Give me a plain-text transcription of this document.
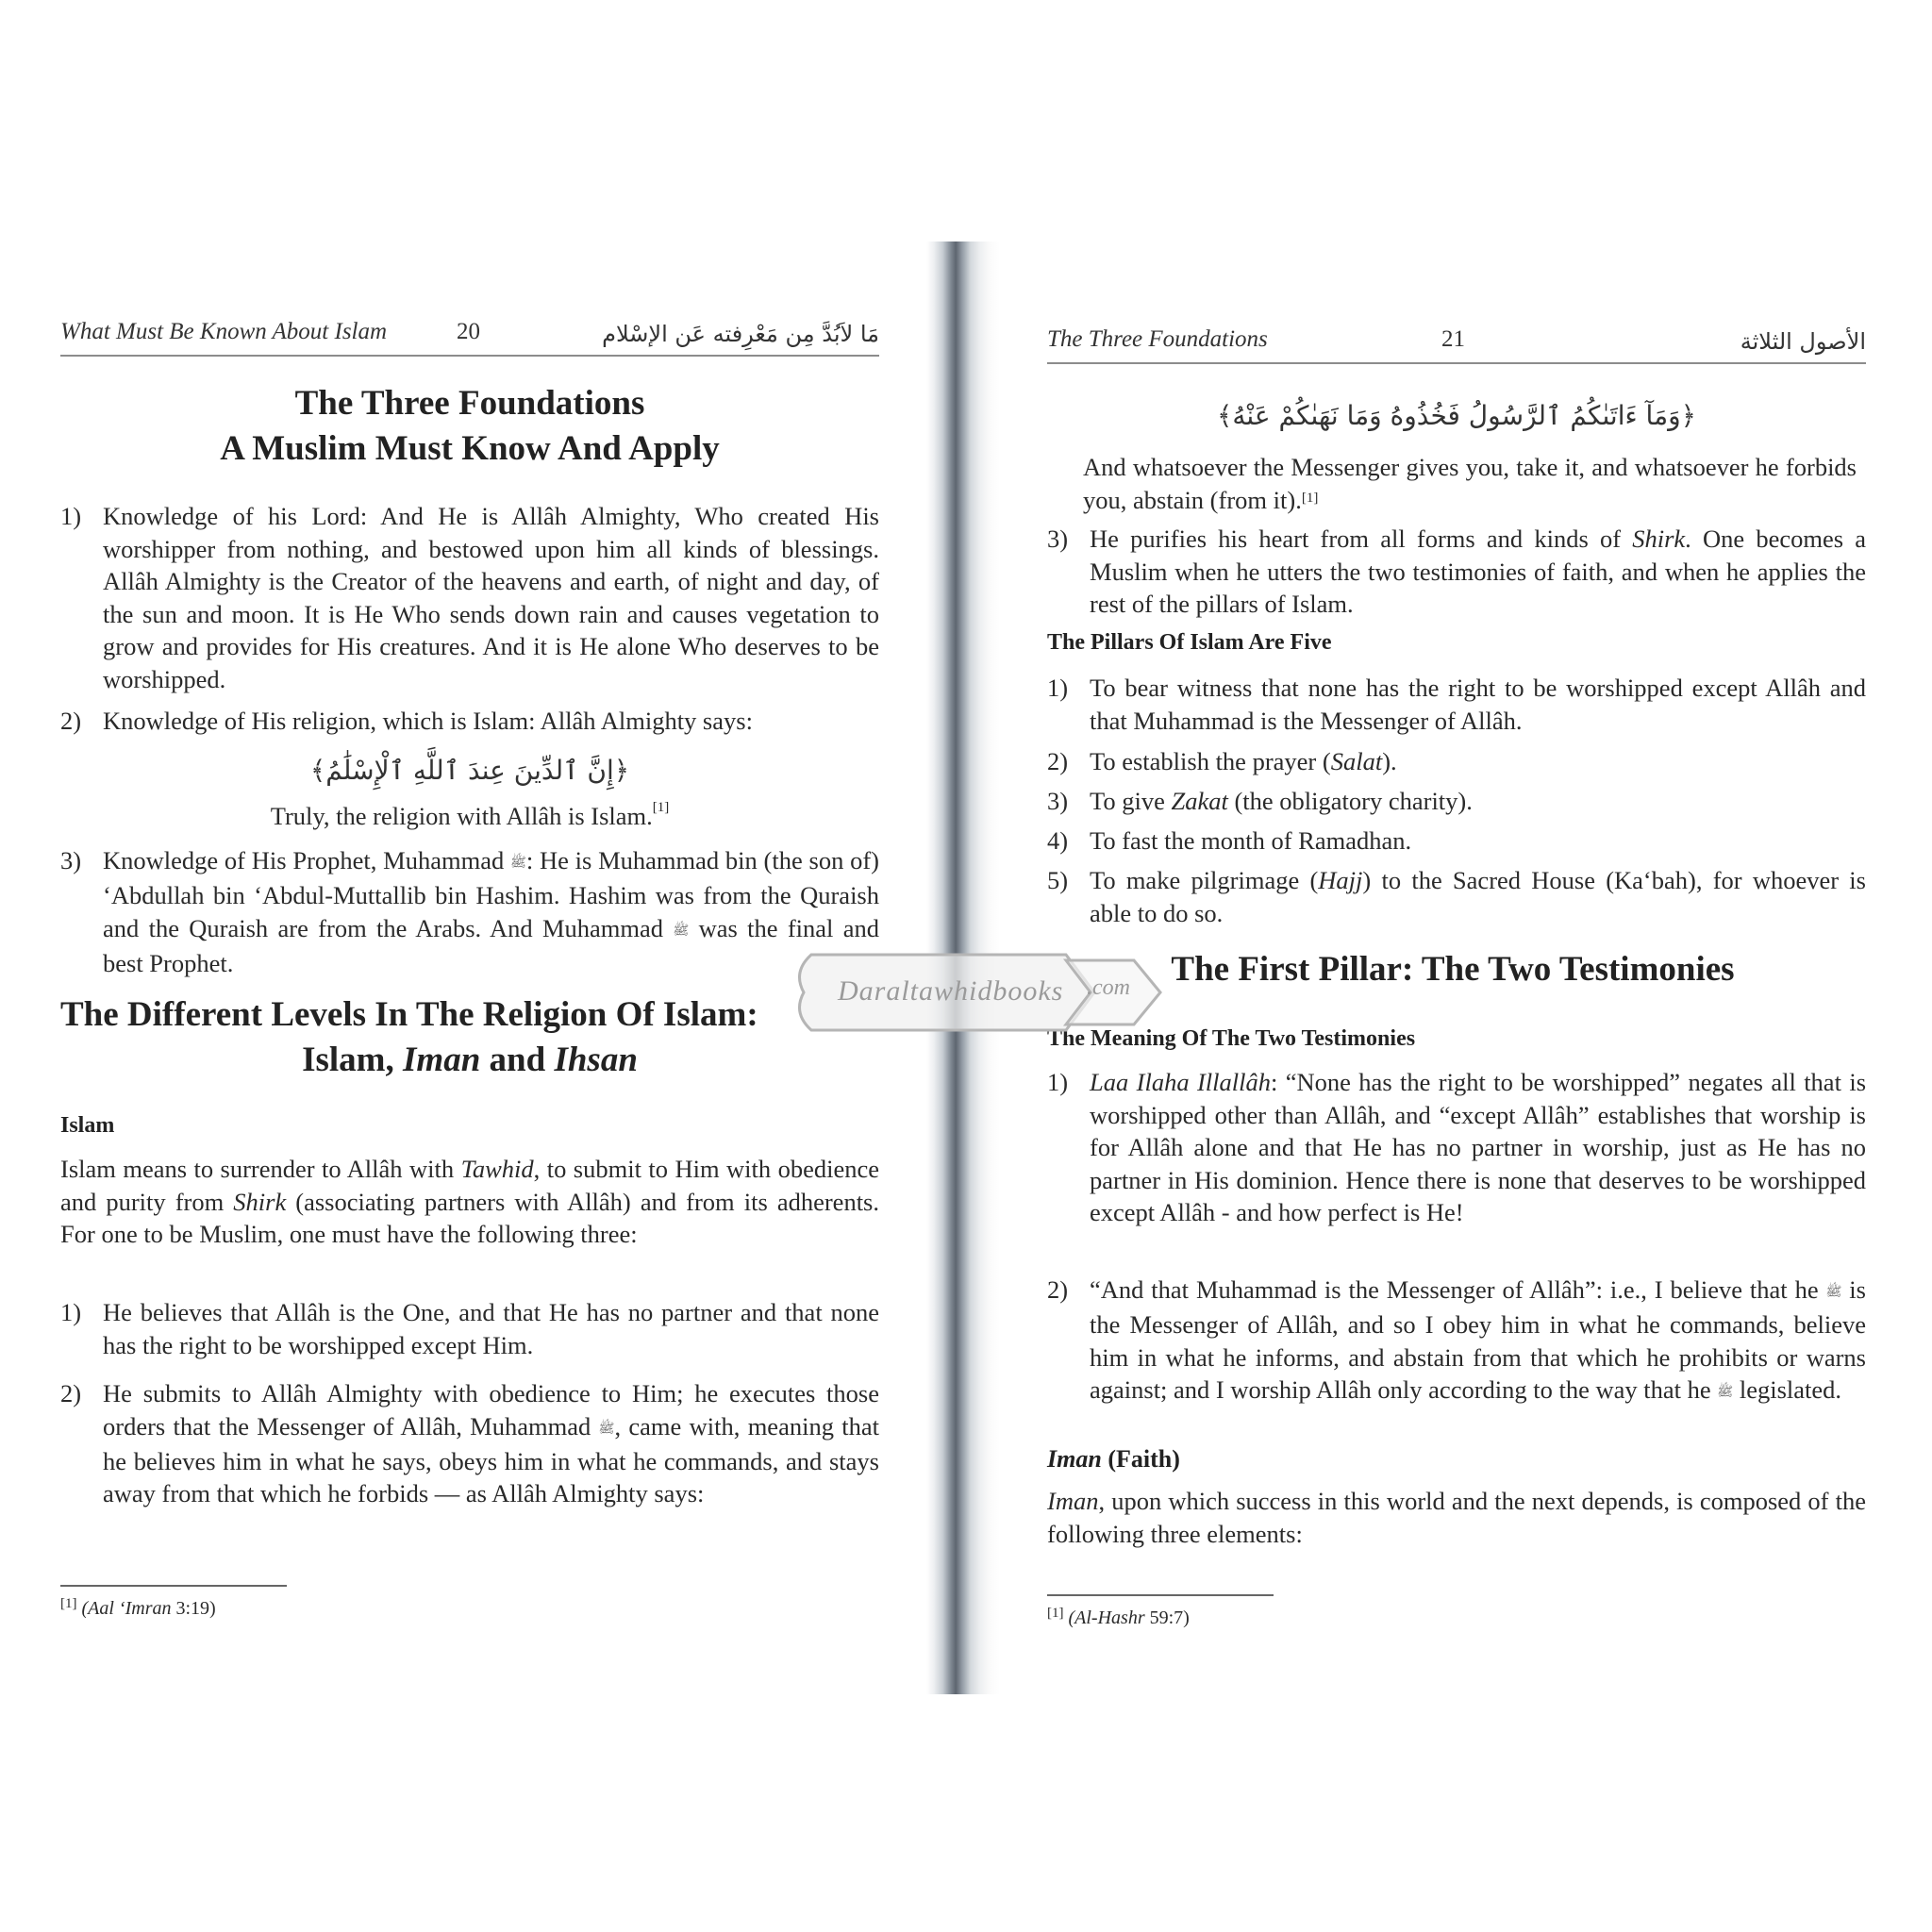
What Must Be Known About Islam	20	مَا لاَبُدَّ مِن مَعْرِفته عَن الإسْلام
The Three Foundations
A Muslim Must Know And Apply
1) Knowledge of his Lord: And He is Allâh Almighty, Who created His worshipper from nothing, and bestowed upon him all kinds of blessings. Allâh Almighty is the Creator of the heavens and earth, of night and day, of the sun and moon. It is He Who sends down rain and causes vegetation to grow and provides for His creatures. And it is He alone Who deserves to be worshipped.
2) Knowledge of His religion, which is Islam: Allâh Almighty says:
﴿إِنَّ ٱلدِّينَ عِندَ ٱللَّهِ ٱلْإِسْلَٰمُ﴾
Truly, the religion with Allâh is Islam.[1]
3) Knowledge of His Prophet, Muhammad ﷺ: He is Muhammad bin (the son of) ‘Abdullah bin ‘Abdul-Muttallib bin Hashim. Hashim was from the Quraish and the Quraish are from the Arabs. And Muhammad ﷺ was the final and best Prophet.
The Different Levels In The Religion Of Islam:
Islam, Iman and Ihsan
Islam
Islam means to surrender to Allâh with Tawhid, to submit to Him with obedience and purity from Shirk (associating partners with Allâh) and from its adherents. For one to be Muslim, one must have the following three:
1) He believes that Allâh is the One, and that He has no partner and that none has the right to be worshipped except Him.
2) He submits to Allâh Almighty with obedience to Him; he executes those orders that the Messenger of Allâh, Muhammad ﷺ, came with, meaning that he believes him in what he says, obeys him in what he commands, and stays away from that which he forbids — as Allâh Almighty says:
[1] (Aal ‘Imran 3:19)
The Three Foundations	21	الأصول الثلاثة
﴿وَمَآ ءَاتَىٰكُمُ ٱلرَّسُولُ فَخُذُوهُ وَمَا نَهَىٰكُمْ عَنْهُ﴾
And whatsoever the Messenger gives you, take it, and whatsoever he forbids you, abstain (from it).[1]
3) He purifies his heart from all forms and kinds of Shirk. One becomes a Muslim when he utters the two testimonies of faith, and when he applies the rest of the pillars of Islam.
The Pillars Of Islam Are Five
1) To bear witness that none has the right to be worshipped except Allâh and that Muhammad is the Messenger of Allâh.
2) To establish the prayer (Salat).
3) To give Zakat (the obligatory charity).
4) To fast the month of Ramadhan.
5) To make pilgrimage (Hajj) to the Sacred House (Ka‘bah), for whoever is able to do so.
The First Pillar: The Two Testimonies
The Meaning Of The Two Testimonies
1) Laa Ilaha Illallâh: “None has the right to be worshipped” negates all that is worshipped other than Allâh, and “except Allâh” establishes that worship is for Allâh alone and that He has no partner in worship, just as He has no partner in His dominion. Hence there is none that deserves to be worshipped except Allâh - and how perfect is He!
2) “And that Muhammad is the Messenger of Allâh”: i.e., I believe that he ﷺ is the Messenger of Allâh, and so I obey him in what he commands, believe him in what he informs, and abstain from that which he prohibits or warns against; and I worship Allâh only according to the way that he ﷺ legislated.
Iman (Faith)
Iman, upon which success in this world and the next depends, is composed of the following three elements:
[1] (Al-Hashr 59:7)
Daraltawhidbooks .com
